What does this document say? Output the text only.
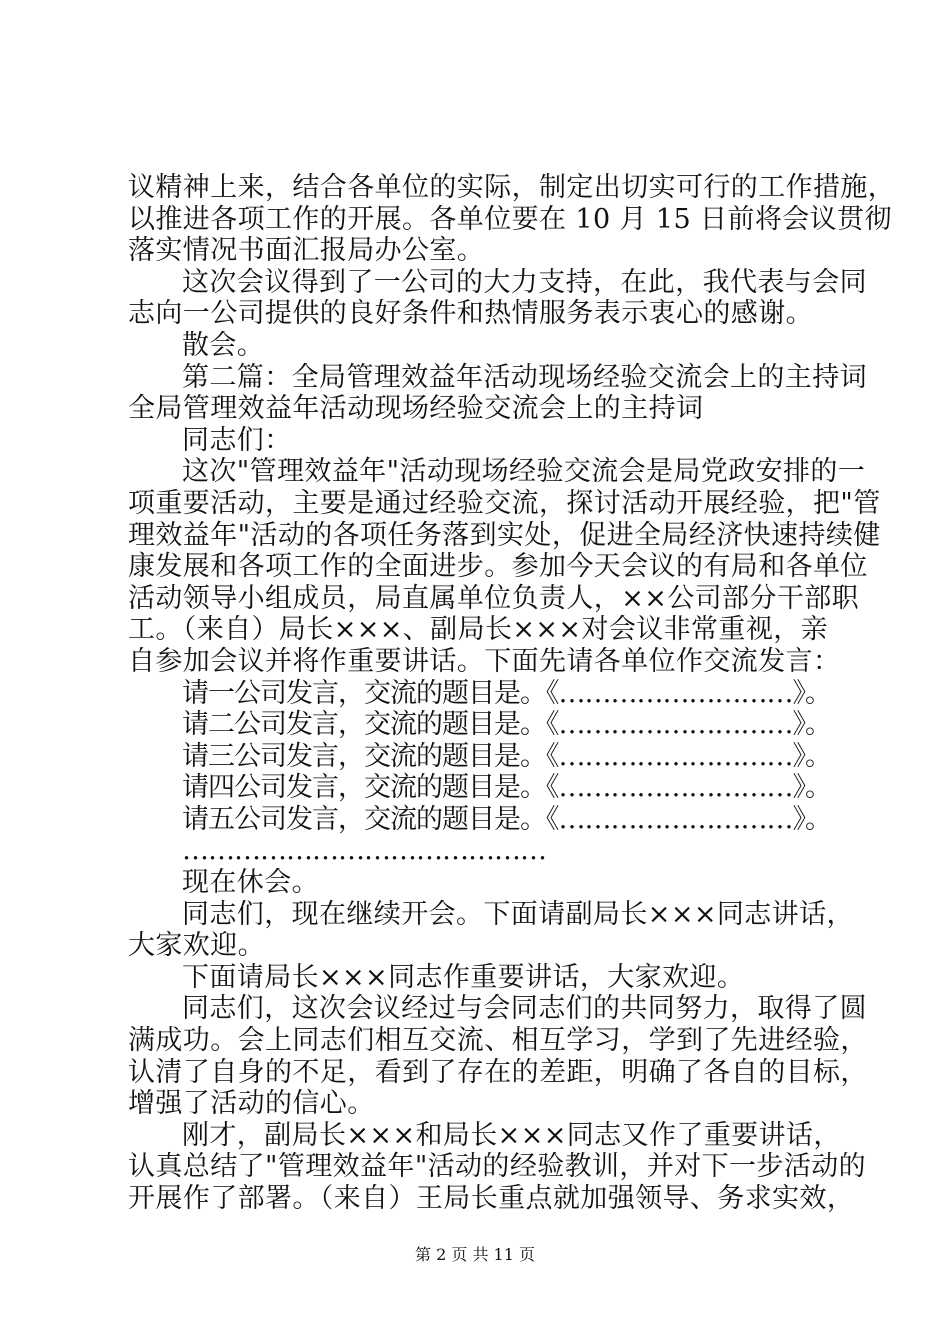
议精神上来，结合各单位的实际，制定出切实可行的工作措施，
以推进各项工作的开展。各单位要在 10 月 15 日前将会议贯彻
落实情况书面汇报局办公室。
这次会议得到了一公司的大力支持，在此，我代表与会同
志向一公司提供的良好条件和热情服务表示衷心的感谢。
散会。
第二篇：全局管理效益年活动现场经验交流会上的主持词
全局管理效益年活动现场经验交流会上的主持词
同志们：
这次"管理效益年"活动现场经验交流会是局党政安排的一
项重要活动，主要是通过经验交流，探讨活动开展经验，把"管
理效益年"活动的各项任务落到实处，促进全局经济快速持续健
康发展和各项工作的全面进步。参加今天会议的有局和各单位
活动领导小组成员，局直属单位负责人，××公司部分干部职
工。（来自）局长×××、副局长×××对会议非常重视，亲
自参加会议并将作重要讲话。下面先请各单位作交流发言：
请一公司发言，交流的题目是。《………………………》。
请二公司发言，交流的题目是。《………………………》。
请三公司发言，交流的题目是。《………………………》。
请四公司发言，交流的题目是。《………………………》。
请五公司发言，交流的题目是。《………………………》。
……………………………………
现在休会。
同志们，现在继续开会。下面请副局长×××同志讲话，
大家欢迎。
下面请局长×××同志作重要讲话，大家欢迎。
同志们，这次会议经过与会同志们的共同努力，取得了圆
满成功。会上同志们相互交流、相互学习，学到了先进经验，
认清了自身的不足，看到了存在的差距，明确了各自的目标，
增强了活动的信心。
刚才，副局长×××和局长×××同志又作了重要讲话，
认真总结了"管理效益年"活动的经验教训，并对下一步活动的
开展作了部署。（来自）王局长重点就加强领导、务求实效，
第 2 页 共 11 页
